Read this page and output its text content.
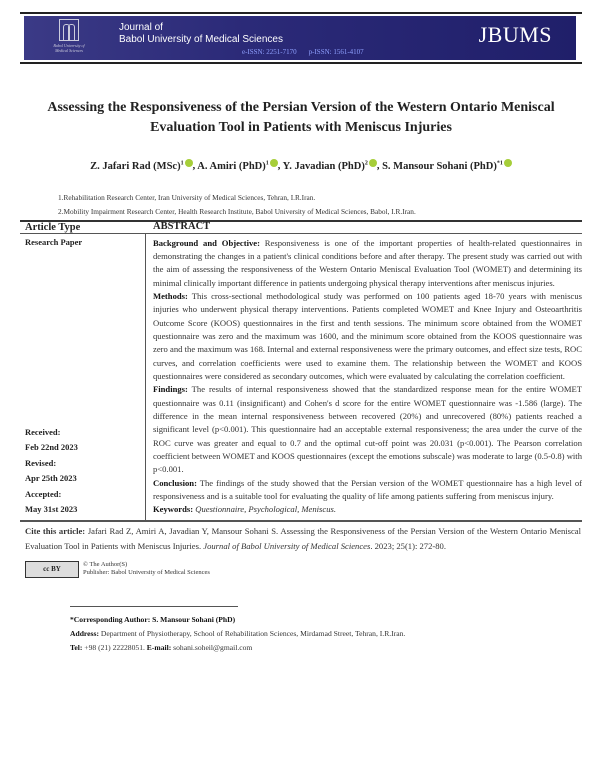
Babol University of
Medical Sciences
Journal of
Babol University of Medical Sciences	JBUMS
e-ISSN: 2251-7170 p-ISSN: 1561-4107
Assessing the Responsiveness of the Persian Version of the Western Ontario Meniscal Evaluation Tool in Patients with Meniscus Injuries
Z. Jafari Rad (MSc)$^1$ , A. Amiri (PhD)$^1$ , Y. Javadian (PhD)$^2$ , S. Mansour Sohani (PhD)$^{*1}$
1.Rehabilitation Research Center, Iran University of Medical Sciences, Tehran, I.R.Iran.
2.Mobility Impairment Research Center, Health Research Institute, Babol University of Medical Sciences, Babol, I.R.Iran.
Article Type	ABSTRACT
Research Paper
Received:
Feb 22nd 2023
Revised:
Apr 25th 2023
Accepted:
May 31st 2023
Background and Objective: Responsiveness is one of the important properties of health-related questionnaires in demonstrating the changes in a patient's clinical conditions before and after therapy. The present study was carried out with the aim of assessing the responsiveness of the Western Ontario Meniscal Evaluation Tool (WOMET) and determining its minimal clinically important difference in patients undergoing physical therapy interventions after meniscus injuries.
Methods: This cross-sectional methodological study was performed on 100 patients aged 18-70 years with meniscus injuries who underwent physical therapy interventions. Patients completed WOMET and Knee Injury and Osteoarthritis Outcome Score (KOOS) questionnaires in the first and tenth sessions. The minimum score obtained from the WOMET questionnaire was zero and the maximum was 1600, and the minimum score obtained from the KOOS questionnaire was zero and the maximum was 168. Internal and external responsiveness were the primary outcomes, and effect size tests, ROC curves, and correlation coefficients were used to examine them. The relationship between the WOMET and KOOS questionnaires were considered as secondary outcomes, which were evaluated by calculating the correlation coefficient.
Findings: The results of internal responsiveness showed that the standardized response mean for the entire WOMET questionnaire was 0.11 (insignificant) and Cohen's d score for the entire WOMET questionnaire was -1.586 (large). The difference in the mean internal responsiveness between recovered (20%) and unrecovered (80%) patients reached a significant level (p<0.001). This questionnaire had an acceptable external responsiveness; the area under the curve of the ROC curve was greater and equal to 0.7 and the optimal cut-off point was 20.031 (p<0.001). The Pearson correlation coefficient between WOMET and KOOS questionnaires (except the emotions subscale) was moderate to large (0.5-0.8) with p<0.001.
Conclusion: The findings of the study showed that the Persian version of the WOMET questionnaire has a high level of responsiveness and is a suitable tool for evaluating the quality of life among patients suffering from meniscus injury.
Keywords: Questionnaire, Psychological, Meniscus.
Cite this article: Jafari Rad Z, Amiri A, Javadian Y, Mansour Sohani S. Assessing the Responsiveness of the Persian Version of the Western Ontario Meniscal Evaluation Tool in Patients with Meniscus Injuries. Journal of Babol University of Medical Sciences. 2023; 25(1): 272-80.
cc BY
© The Author(S)
Publisher: Babol University of Medical Sciences
*Corresponding Author: S. Mansour Sohani (PhD)
Address: Department of Physiotherapy, School of Rehabilitation Sciences, Mirdamad Street, Tehran, I.R.Iran.
Tel: +98 (21) 22228051. E-mail: sohani.soheil@gmail.com
